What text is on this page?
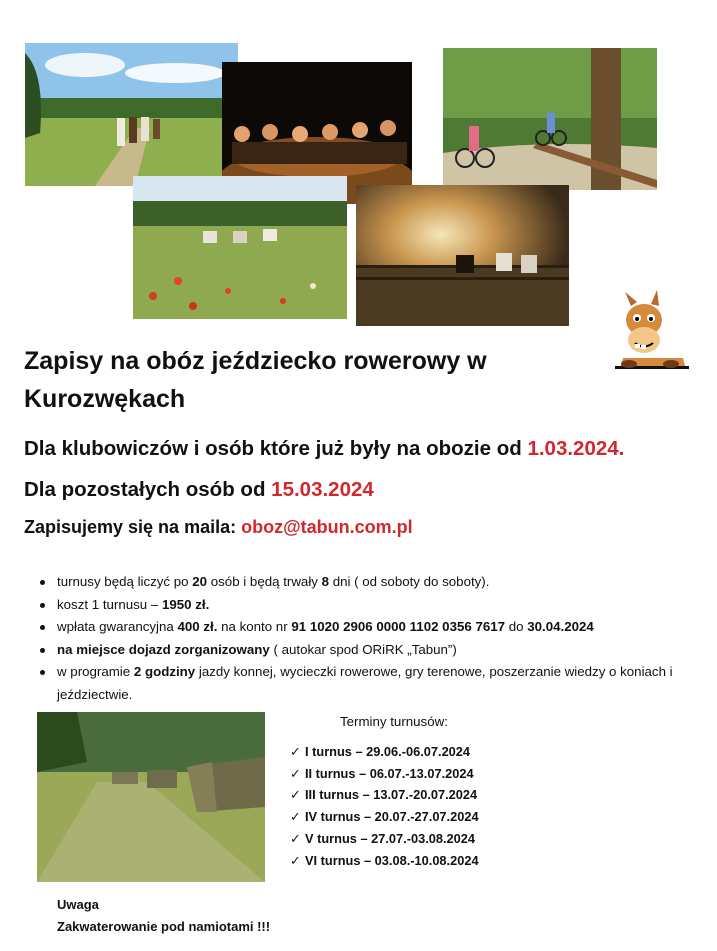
Zapisy na obóz jeździecko rowerowy w Kurozwękach
Dla klubowiczów i osób które już były na obozie od 1.03.2024.
Dla pozostałych osób od 15.03.2024
Zapisujemy się na maila: oboz@tabun.com.pl
turnusy będą liczyć po 20 osób i będą trwały 8 dni ( od soboty do soboty).
koszt 1 turnusu – 1950 zł.
wpłata gwarancyjna 400 zł. na konto nr 91 1020 2906 0000 1102 0356 7617 do 30.04.2024
na miejsce dojazd zorganizowany ( autokar spod ORiRK „Tabun”)
w programie 2 godziny jazdy konnej, wycieczki rowerowe, gry terenowe, poszerzanie wiedzy o koniach i jeździectwie.
Terminy turnusów:
✓ I turnus – 29.06.-06.07.2024
✓ II turnus – 06.07.-13.07.2024
✓ III turnus – 13.07.-20.07.2024
✓ IV turnus – 20.07.-27.07.2024
✓ V turnus – 27.07.-03.08.2024
✓ VI turnus – 03.08.-10.08.2024
Uwaga
Zakwaterowanie pod namiotami !!!
